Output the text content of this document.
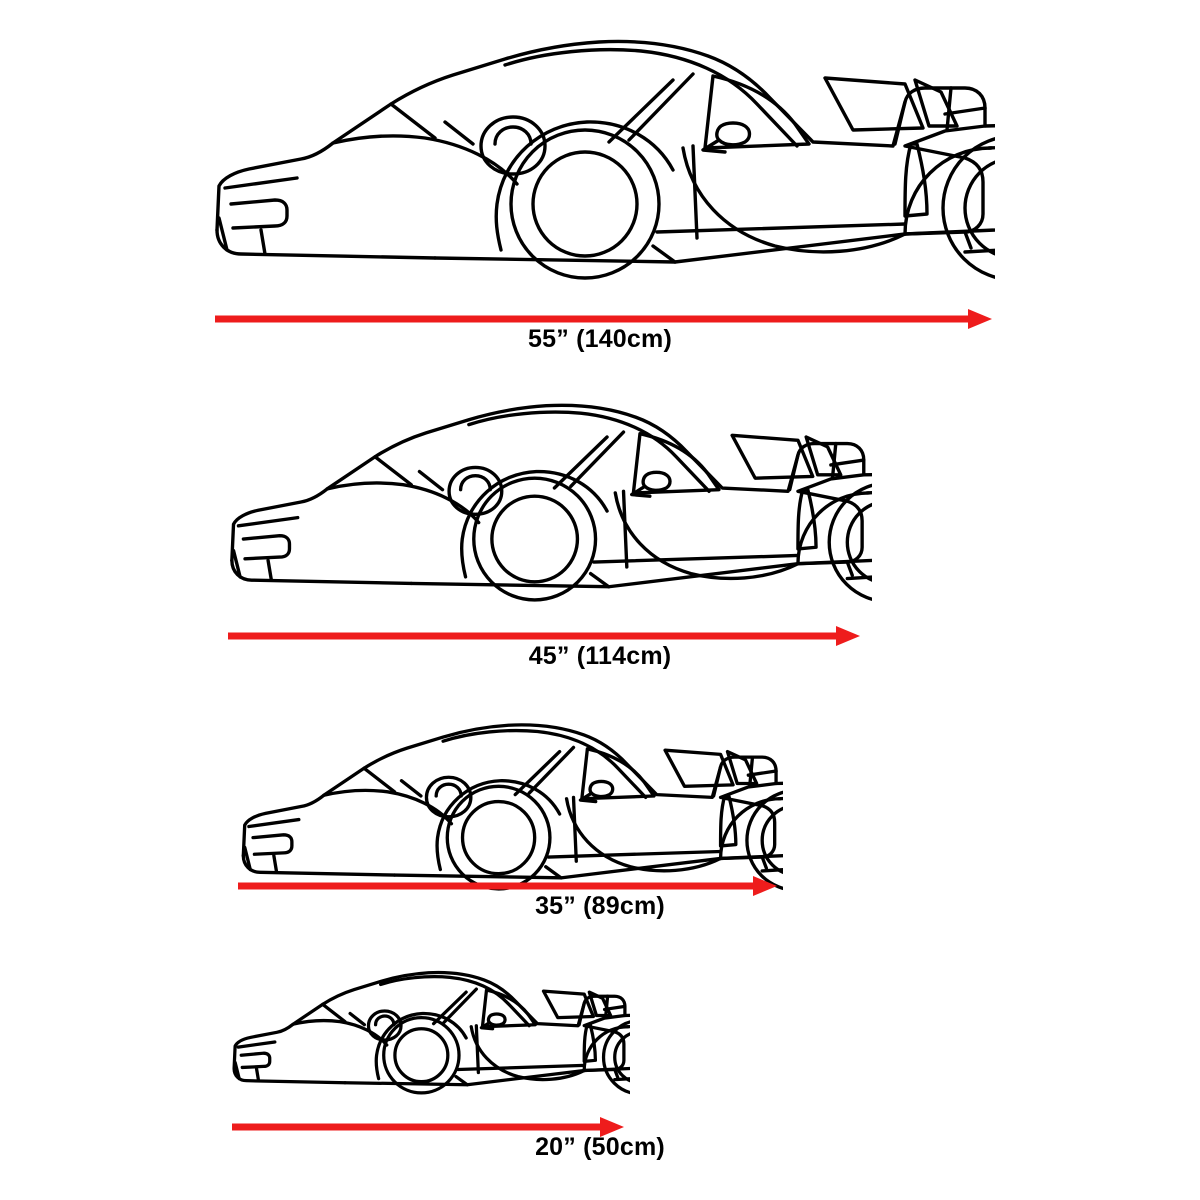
55” (140cm)
45” (114cm)
35” (89cm)
20” (50cm)
